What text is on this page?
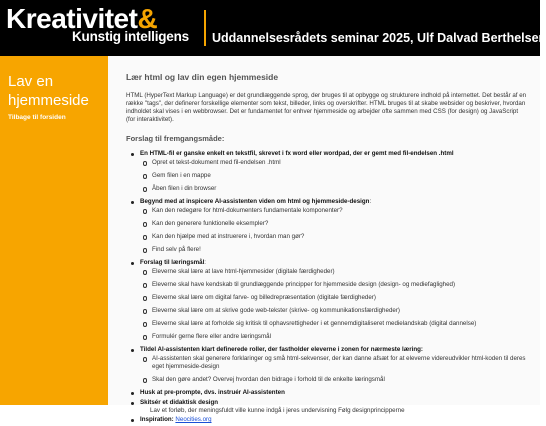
Kreativitet&
Kunstig intelligens Uddannelsesrådets seminar 2025, Ulf Dalvad Berthelsen
Lav en hjemmeside
Tilbage til forsiden
Lær html og lav din egen hjemmeside

HTML (HyperText Markup Language) er det grundlæggende sprog, der bruges til at opbygge og strukturere indhold på internettet. Det består af en række "tags", der definerer forskellige elementer som tekst, billeder, links og overskrifter. HTML bruges til at skabe websider og beskriver, hvordan indholdet skal vises i en webbrowser. Det er fundamentet for enhver hjemmeside og arbejder ofte sammen med CSS (for design) og JavaScript (for interaktivitet).

Forslag til fremgangsmåde:
En HTML-fil er ganske enkelt en tekstfil, skrevet i fx word eller wordpad, der er gemt med fil-endelsen .html
Opret et tekst-dokument med fil-endelsen .html
Gem filen i en mappe
Åben filen i din browser
Begynd med at inspicere AI-assistenten viden om html og hjemmeside-design:
Kan den redegøre for html-dokumenters fundamentale komponenter?
Kan den generere funktionelle eksempler?
Kan den hjælpe med at instruerere i, hvordan man gør?
Find selv på flere!
Forslag til læringsmål:
Eleverne skal lære at lave html-hjemmesider (digitale færdigheder)
Eleverne skal have kendskab til grundlæggende principper for hjemmeside design (design- og mediefaglighed)
Eleverne skal lære om digital farve- og billedrepræsentation (digitale færdigheder)
Eleverne skal lære om at skrive gode web-tekster (skrive- og kommunikationsfærdigheder)
Eleverne skal lære at forholde sig kritisk til ophavsrettigheder i et gennemdigitaliseret medielandskab (digital dannelse)
Formulér gerne flere eller andre læringsmål
Tildel AI-assistenten klart definerede roller, der fastholder eleverne i zonen for nærmeste læring:
AI-assistenten skal generere forklaringer og små html-sekvenser, der kan danne afsæt for at eleverne videreudvikler html-koden til deres eget hjemmeside-design
Skal den gøre andet? Overvej hvordan den bidrage i forhold til de enkelte læringsmål
Husk at pre-prompte, dvs. instruér AI-assistenten
Skitsér et didaktisk design
Lav et forløb, der meningsfuldt ville kunne indgå i jeres undervisning Følg designprincipperne
Inspiration: Neocities.org
